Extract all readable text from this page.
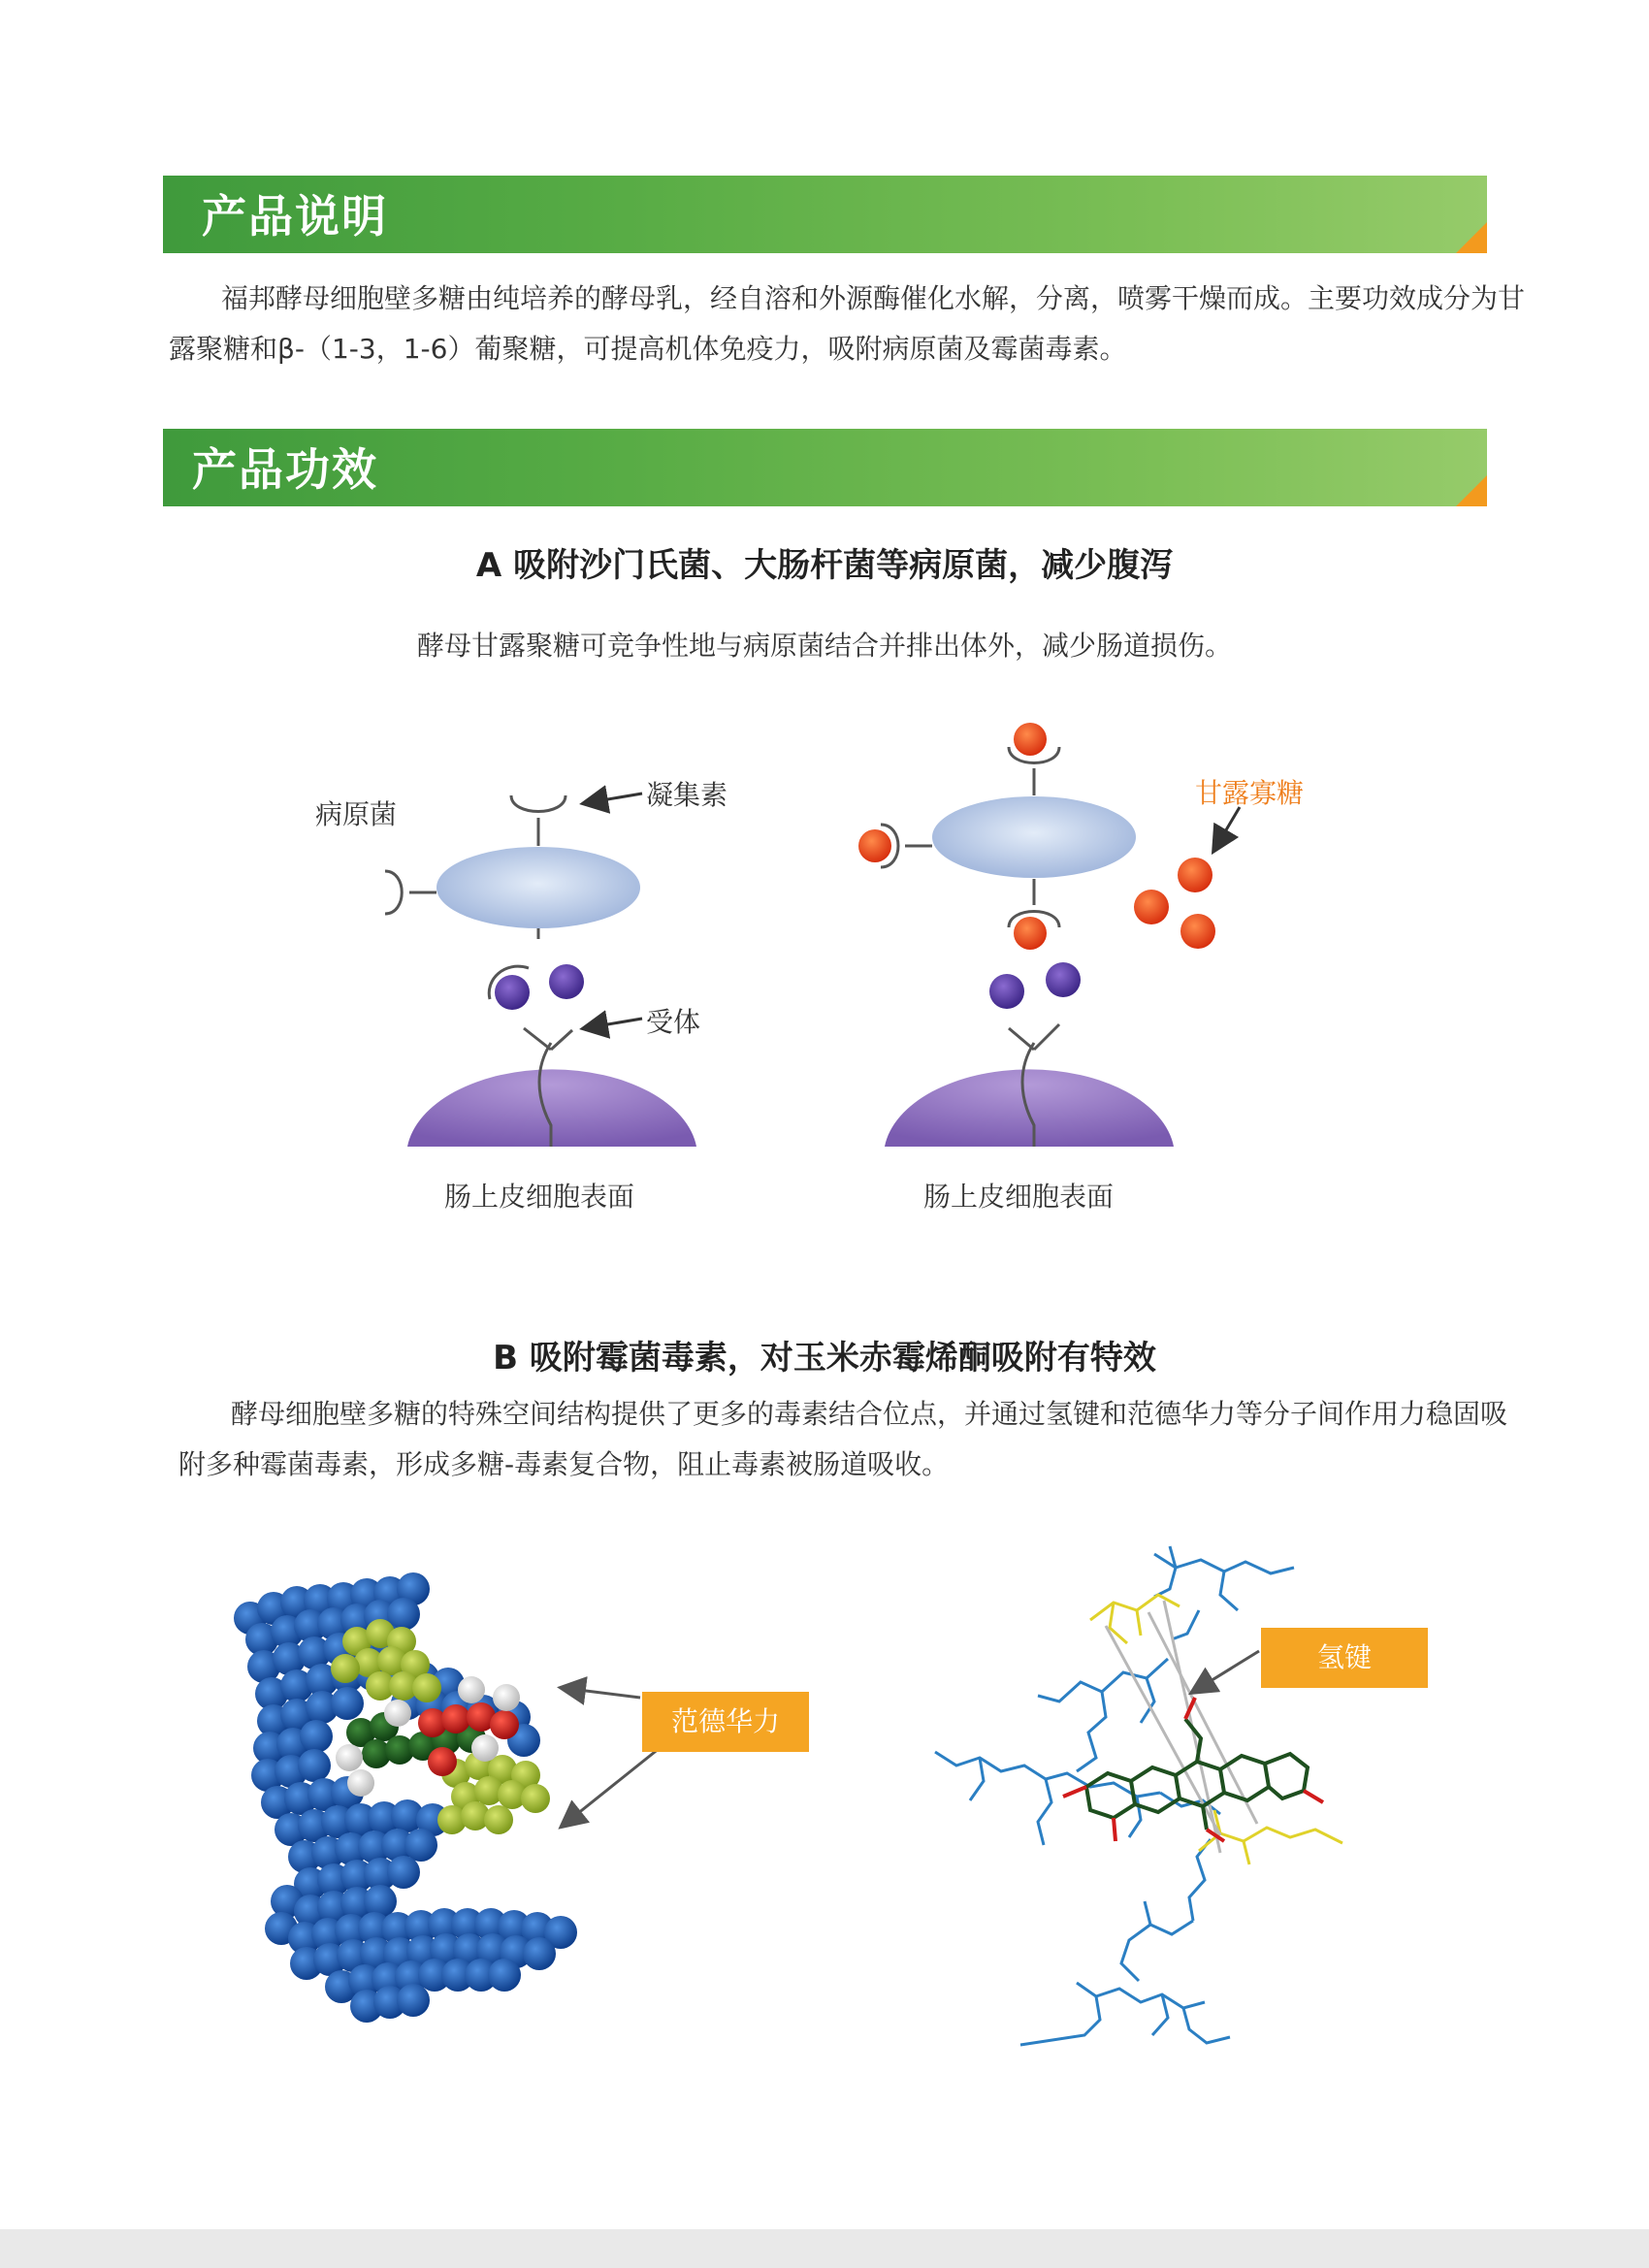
产品说明
福邦酵母细胞壁多糖由纯培养的酵母乳，经自溶和外源酶催化水解，分离，喷雾干燥而成。主要功效成分为甘
露聚糖和β-（1-3，1-6）葡聚糖，可提高机体免疫力，吸附病原菌及霉菌毒素。
产品功效
A 吸附沙门氏菌、大肠杆菌等病原菌，减少腹泻
酵母甘露聚糖可竞争性地与病原菌结合并排出体外，减少肠道损伤。
病原菌
凝集素
受体
肠上皮细胞表面
甘露寡糖
肠上皮细胞表面
B 吸附霉菌毒素，对玉米赤霉烯酮吸附有特效
酵母细胞壁多糖的特殊空间结构提供了更多的毒素结合位点，并通过氢键和范德华力等分子间作用力稳固吸
附多种霉菌毒素，形成多糖-毒素复合物，阻止毒素被肠道吸收。
范德华力
氢键
